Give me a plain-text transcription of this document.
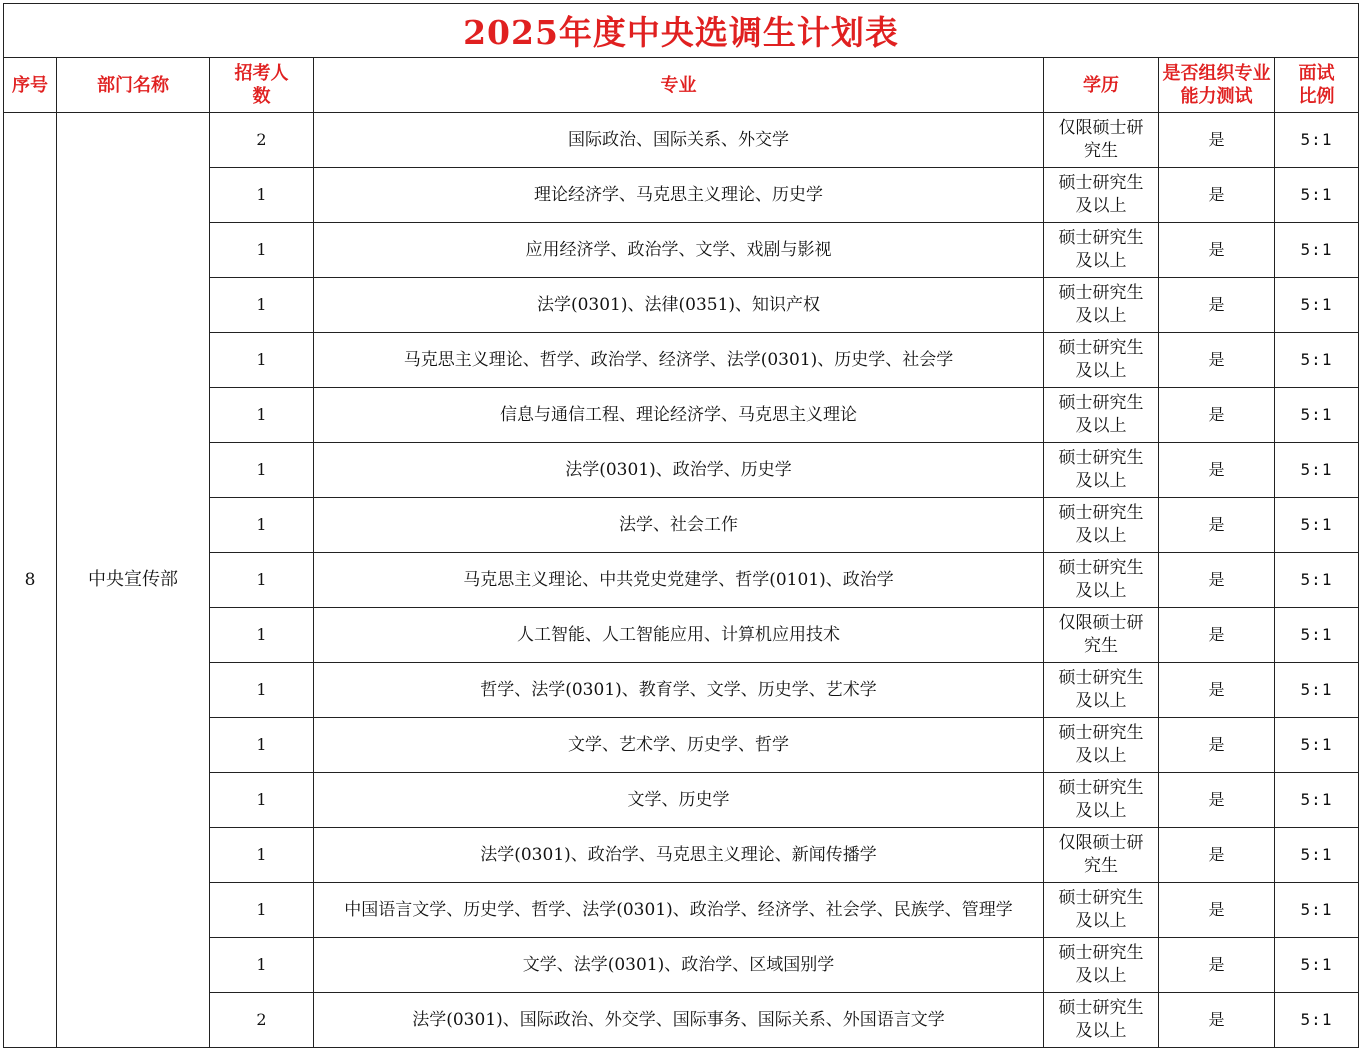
2025年度中央选调生计划表						
序号	部门名称	招考人数	专业	学历	是否组织专业能力测试	面试比例

8	中央宣传部	2	国际政治、国际关系、外交学	仅限硕士研究生	是	5:1

		1	理论经济学、马克思主义理论、历史学	硕士研究生及以上	是	5:1

		1	应用经济学、政治学、文学、戏剧与影视	硕士研究生及以上	是	5:1

		1	法学(0301)、法律(0351)、知识产权	硕士研究生及以上	是	5:1

		1	马克思主义理论、哲学、政治学、经济学、法学(0301)、历史学、社会学	硕士研究生及以上	是	5:1

		1	信息与通信工程、理论经济学、马克思主义理论	硕士研究生及以上	是	5:1

		1	法学(0301)、政治学、历史学	硕士研究生及以上	是	5:1

		1	法学、社会工作	硕士研究生及以上	是	5:1

		1	马克思主义理论、中共党史党建学、哲学(0101)、政治学	硕士研究生及以上	是	5:1

		1	人工智能、人工智能应用、计算机应用技术	仅限硕士研究生	是	5:1

		1	哲学、法学(0301)、教育学、文学、历史学、艺术学	硕士研究生及以上	是	5:1

		1	文学、艺术学、历史学、哲学	硕士研究生及以上	是	5:1

		1	文学、历史学	硕士研究生及以上	是	5:1

		1	法学(0301)、政治学、马克思主义理论、新闻传播学	仅限硕士研究生	是	5:1

		1	中国语言文学、历史学、哲学、法学(0301)、政治学、经济学、社会学、民族学、管理学	硕士研究生及以上	是	5:1

		1	文学、法学(0301)、政治学、区域国别学	硕士研究生及以上	是	5:1

		2	法学(0301)、国际政治、外交学、国际事务、国际关系、外国语言文学	硕士研究生及以上	是	5:1
